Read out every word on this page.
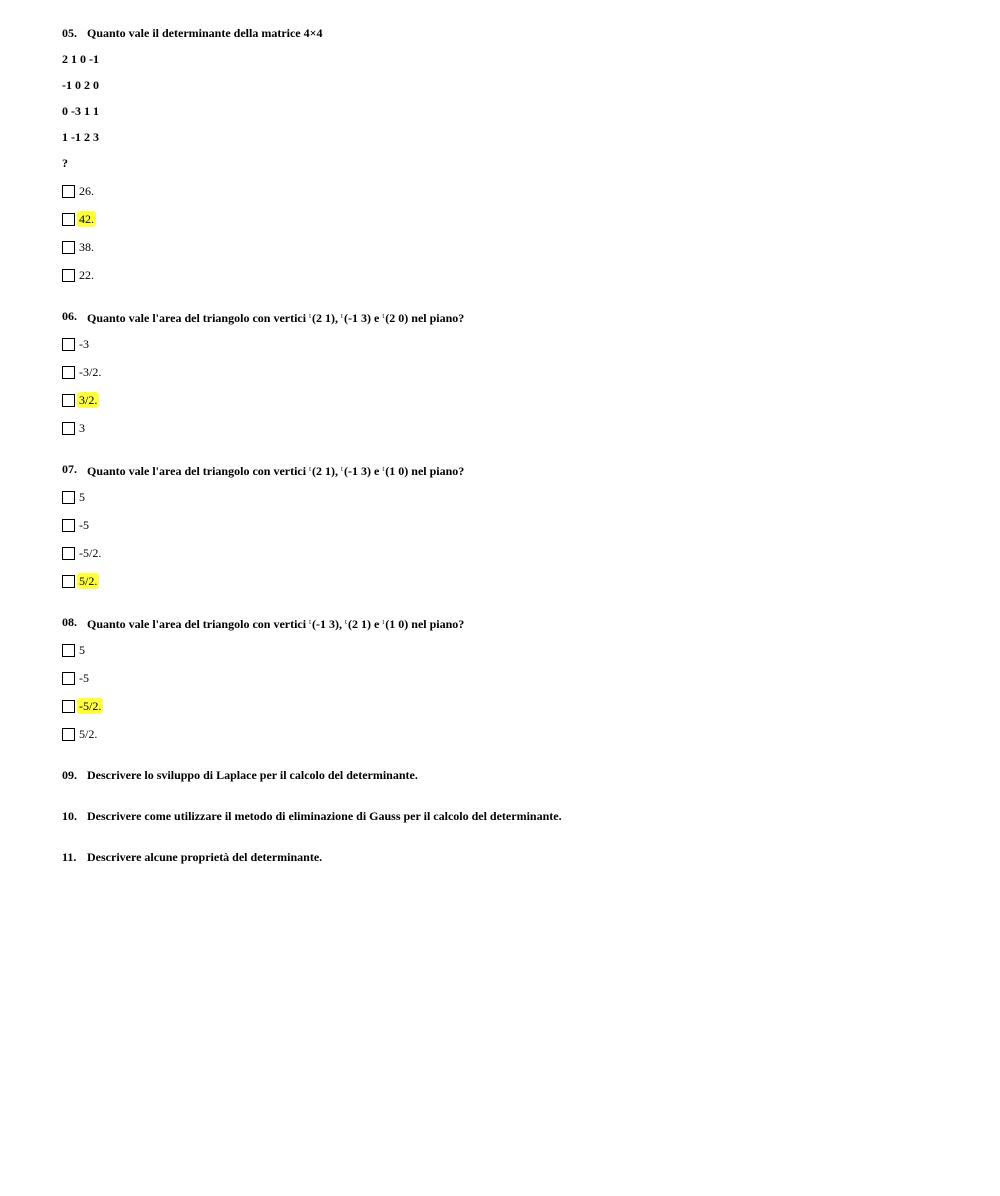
05. Quanto vale il determinante della matrice 4×4
2 1 0 -1
-1 0 2 0
0 -3 1 1
1 -1 2 3
?
26.
42.
38.
22.
06. Quanto vale l'area del triangolo con vertici $^t$(2 1), $^t$(-1 3) e $^t$(2 0) nel piano?
-3
-3/2.
3/2.
3
07. Quanto vale l'area del triangolo con vertici $^t$(2 1), $^t$(-1 3) e $^t$(1 0) nel piano?
5
-5
-5/2.
5/2.
08. Quanto vale l'area del triangolo con vertici $^t$(-1 3), $^t$(2 1) e $^t$(1 0) nel piano?
5
-5
-5/2.
5/2.
09. Descrivere lo sviluppo di Laplace per il calcolo del determinante.
10. Descrivere come utilizzare il metodo di eliminazione di Gauss per il calcolo del determinante.
11. Descrivere alcune proprietà del determinante.
